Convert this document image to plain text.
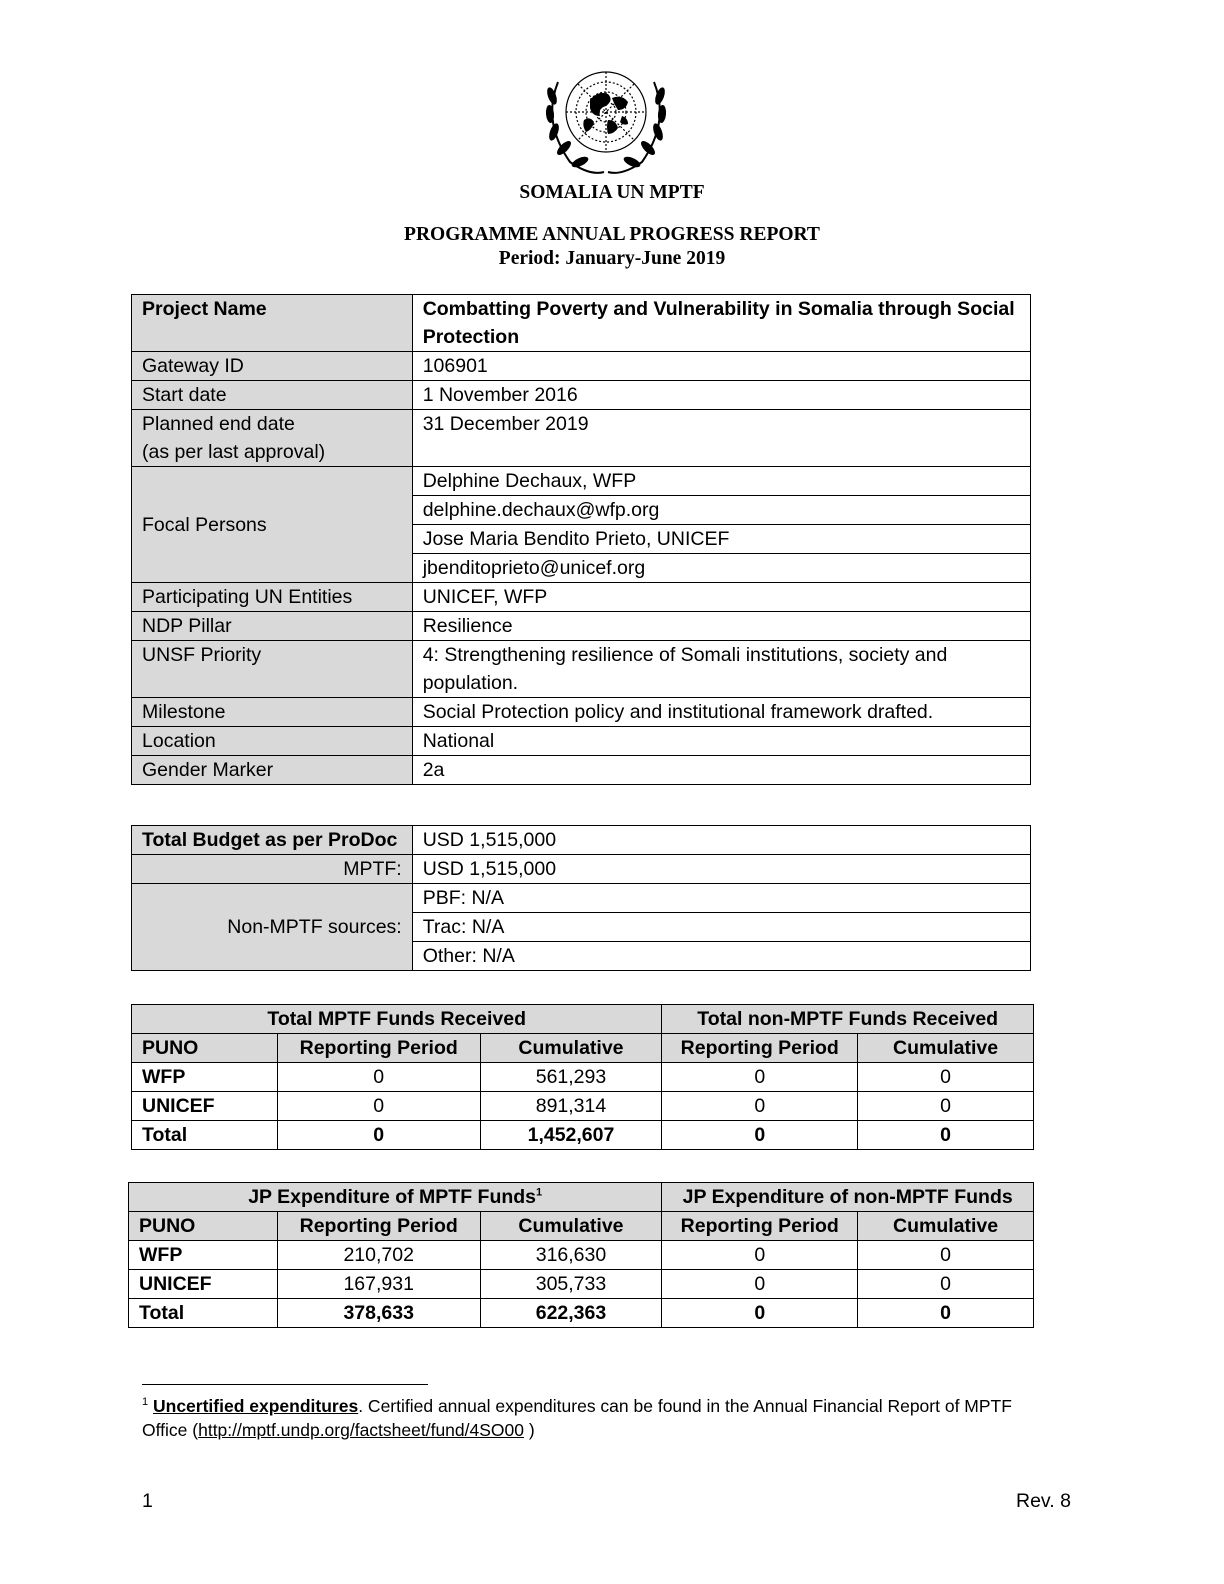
SOMALIA UN MPTF
PROGRAMME ANNUAL PROGRESS REPORT
Period: January-June 2019
Project Name	Combatting Poverty and Vulnerability in Somalia through Social Protection
Gateway ID	106901
Start date	1 November 2016
Planned end date
(as per last approval)	31 December 2019
Focal Persons	Delphine Dechaux, WFP
	delphine.dechaux@wfp.org
	Jose Maria Bendito Prieto, UNICEF
	jbenditoprieto@unicef.org
Participating UN Entities	UNICEF, WFP
NDP Pillar	Resilience
UNSF Priority	4: Strengthening resilience of Somali institutions, society and population.
Milestone	Social Protection policy and institutional framework drafted.
Location	National
Gender Marker	2a
Total Budget as per ProDoc	USD 1,515,000
MPTF:	USD 1,515,000
Non-MPTF sources:	PBF: N/A
	Trac: N/A
	Other: N/A
Total MPTF Funds Received			Total non-MPTF Funds Received	
PUNO	Reporting Period	Cumulative	Reporting Period	Cumulative
WFP	0	561,293	0	0
UNICEF	0	891,314	0	0
Total	0	1,452,607	0	0
JP Expenditure of MPTF Funds$^1$			JP Expenditure of non-MPTF Funds	
PUNO	Reporting Period	Cumulative	Reporting Period	Cumulative
WFP	210,702	316,630	0	0
UNICEF	167,931	305,733	0	0
Total	378,633	622,363	0	0
$^1$ Uncertified expenditures. Certified annual expenditures can be found in the Annual Financial Report of MPTF Office (http://mptf.undp.org/factsheet/fund/4SO00 )
1	Rev. 8
